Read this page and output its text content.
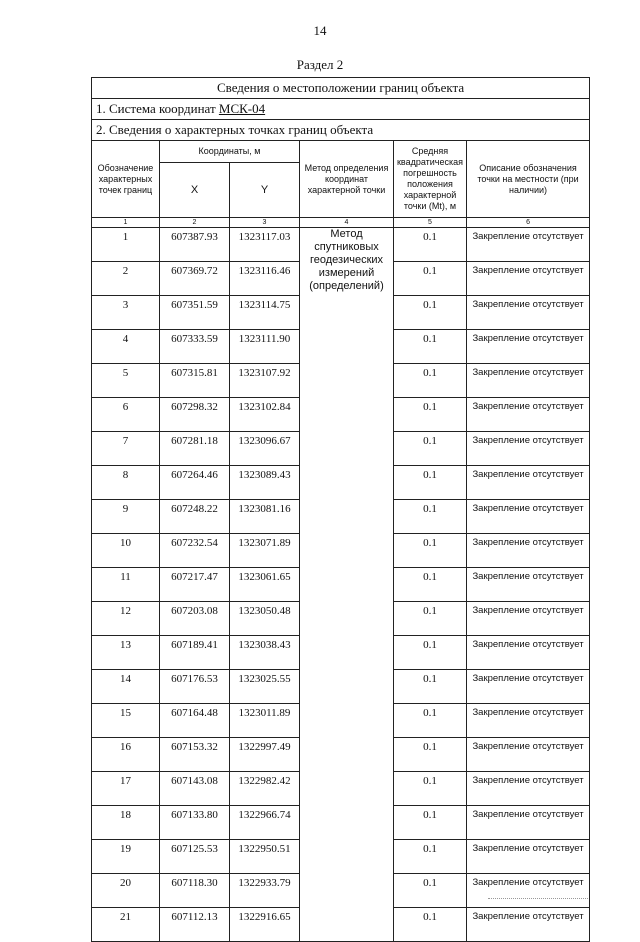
14
Раздел 2
Сведения о местоположении границ объекта					
1. Система координат МСК-04					
2. Сведения о характерных точках границ объекта					
Обозначение характерных точек границ	Координаты, м		Метод определения координат характерной точки	Средняя квадратическая погрешность положения характерной точки (Mt), м	Описание обозначения точки на местности (при наличии)
	X	Y			
1	2	3	4	5	6
1	607387.93	1323117.03	Метод спутниковых геодезических измерений (определений)	0.1	Закрепление отсутствует
2	607369.72	1323116.46		0.1	Закрепление отсутствует
3	607351.59	1323114.75		0.1	Закрепление отсутствует
4	607333.59	1323111.90		0.1	Закрепление отсутствует
5	607315.81	1323107.92		0.1	Закрепление отсутствует
6	607298.32	1323102.84		0.1	Закрепление отсутствует
7	607281.18	1323096.67		0.1	Закрепление отсутствует
8	607264.46	1323089.43		0.1	Закрепление отсутствует
9	607248.22	1323081.16		0.1	Закрепление отсутствует
10	607232.54	1323071.89		0.1	Закрепление отсутствует
11	607217.47	1323061.65		0.1	Закрепление отсутствует
12	607203.08	1323050.48		0.1	Закрепление отсутствует
13	607189.41	1323038.43		0.1	Закрепление отсутствует
14	607176.53	1323025.55		0.1	Закрепление отсутствует
15	607164.48	1323011.89		0.1	Закрепление отсутствует
16	607153.32	1322997.49		0.1	Закрепление отсутствует
17	607143.08	1322982.42		0.1	Закрепление отсутствует
18	607133.80	1322966.74		0.1	Закрепление отсутствует
19	607125.53	1322950.51		0.1	Закрепление отсутствует
20	607118.30	1322933.79		0.1	Закрепление отсутствует
21	607112.13	1322916.65		0.1	Закрепление отсутствует
